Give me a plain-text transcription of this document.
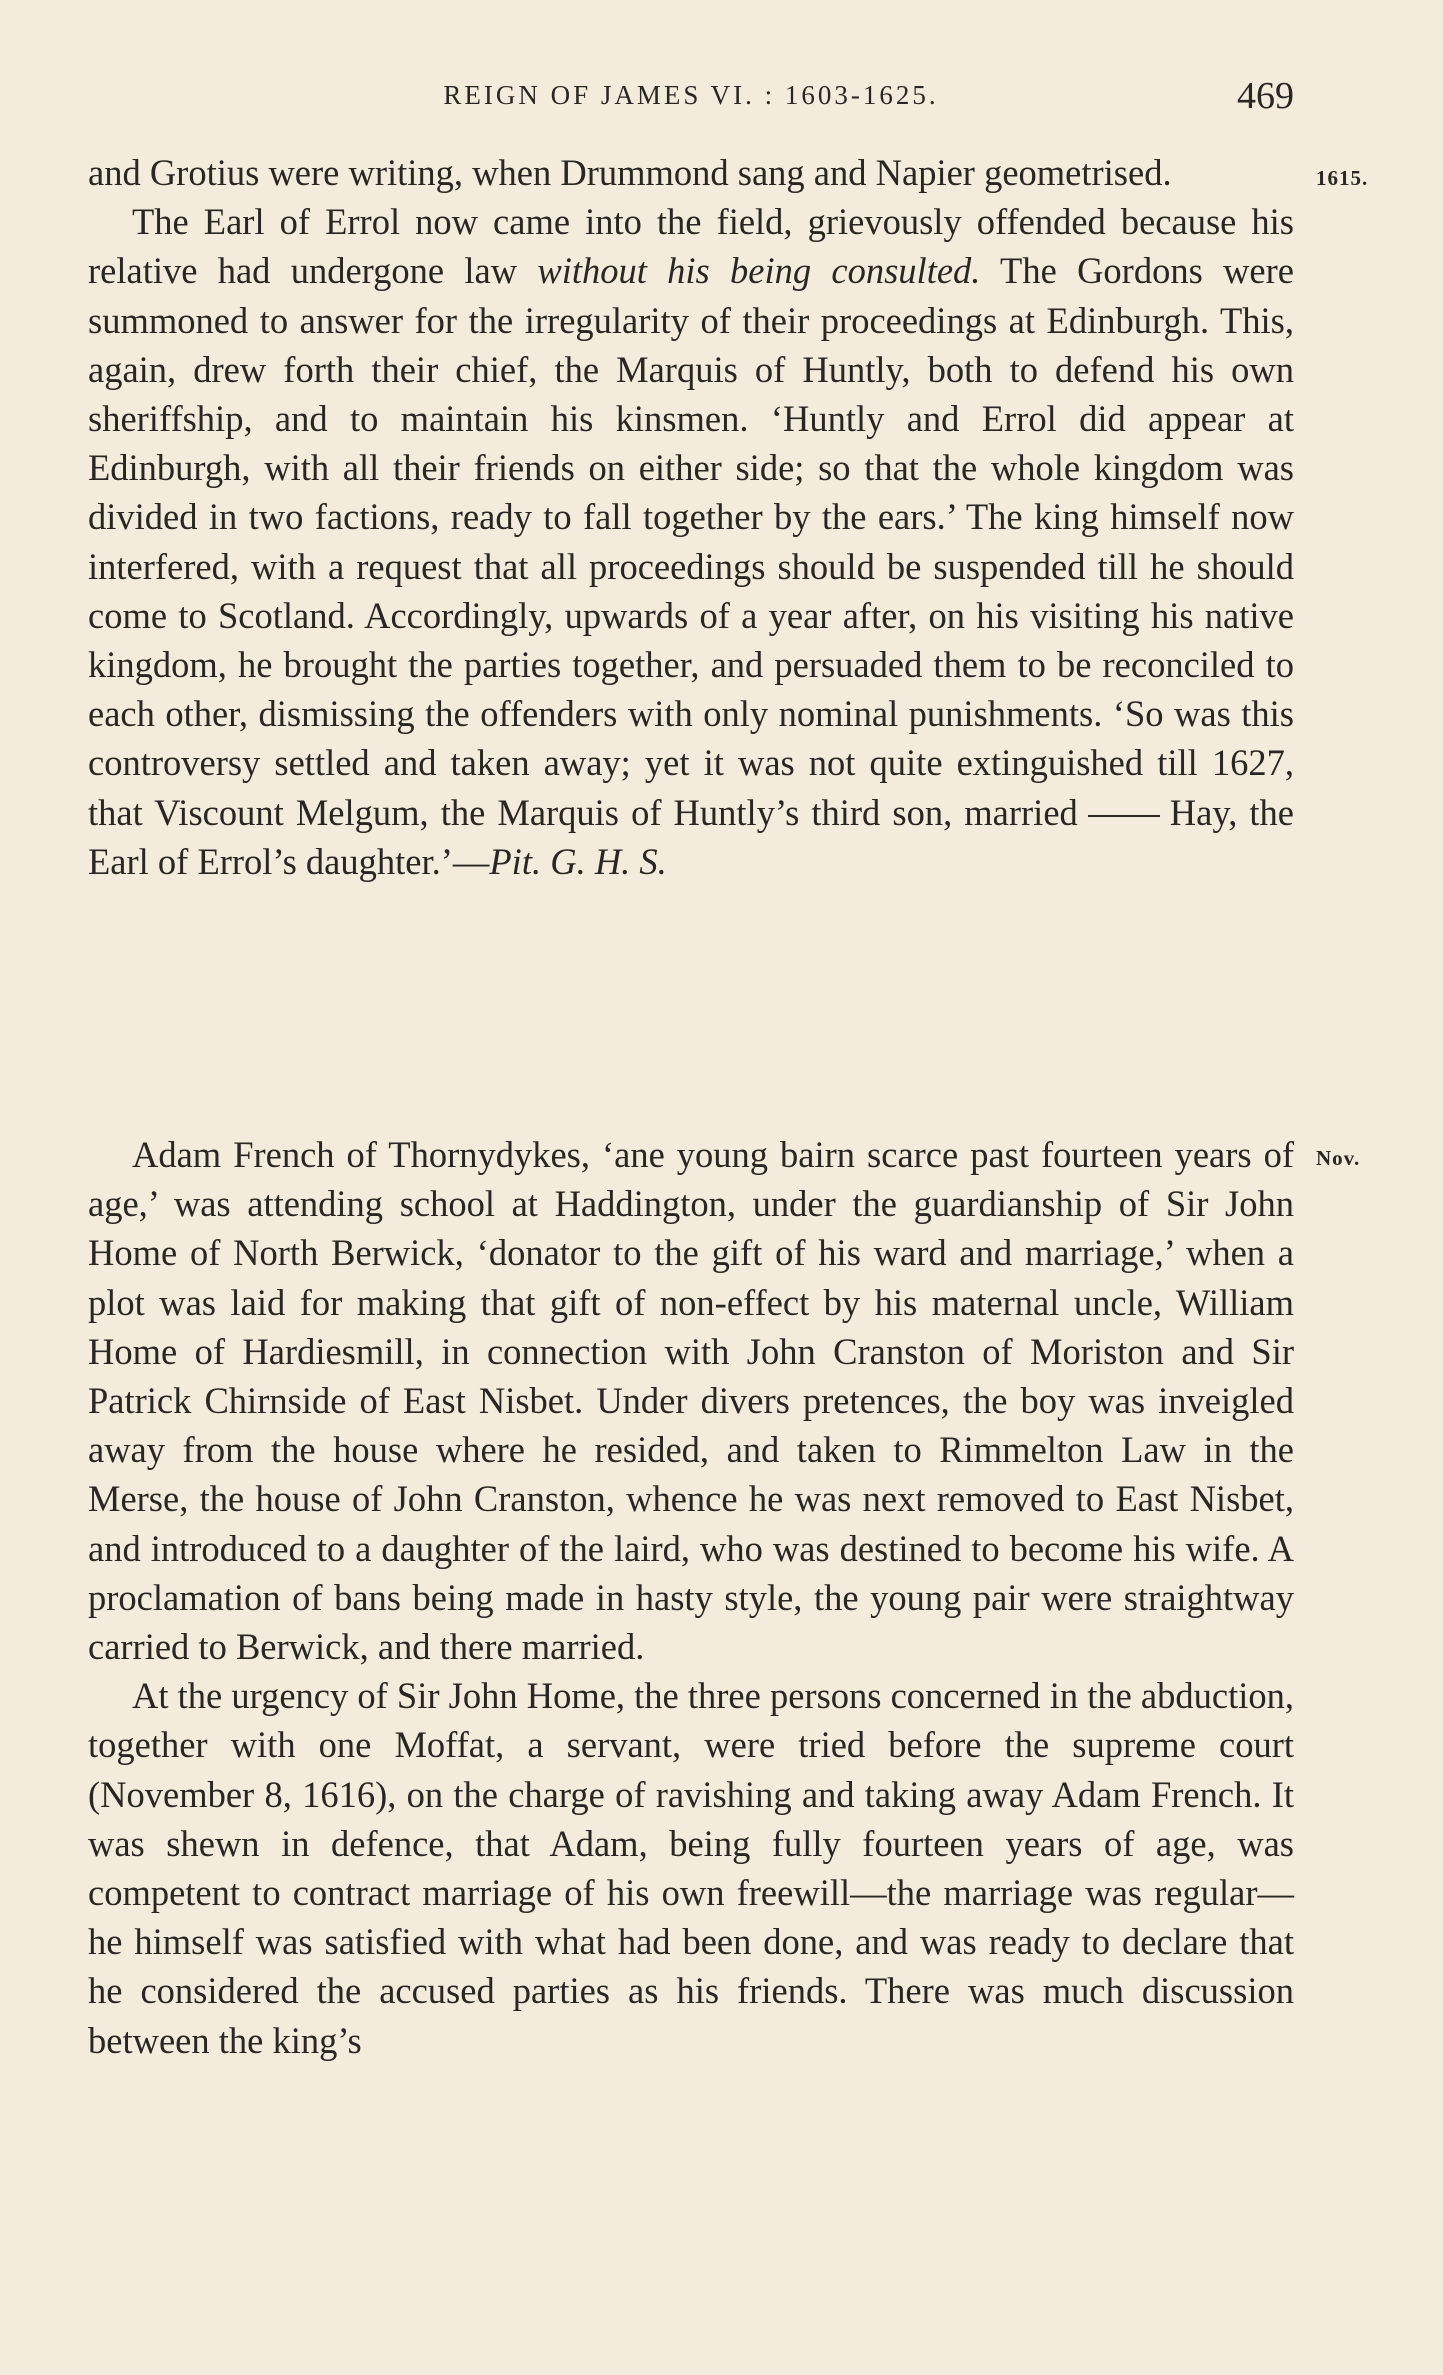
REIGN OF JAMES VI. : 1603-1625.	469
1615.
Nov.

and Grotius were writing, when Drummond sang and Napier geometrised.

The Earl of Errol now came into the field, grievously offended because his relative had undergone law without his being consulted. The Gordons were summoned to answer for the irregularity of their proceedings at Edinburgh. This, again, drew forth their chief, the Marquis of Huntly, both to defend his own sheriffship, and to maintain his kinsmen. ‘Huntly and Errol did appear at Edinburgh, with all their friends on either side; so that the whole kingdom was divided in two factions, ready to fall together by the ears.’ The king himself now interfered, with a request that all proceedings should be suspended till he should come to Scotland. Accordingly, upwards of a year after, on his visiting his native kingdom, he brought the parties together, and persuaded them to be reconciled to each other, dismissing the offenders with only nominal punishments. ‘So was this controversy settled and taken away; yet it was not quite extinguished till 1627, that Viscount Melgum, the Marquis of Huntly’s third son, married	Hay, the Earl of Errol’s daughter.’—Pit. G. H. S.

Adam French of Thornydykes, ‘ane young bairn scarce past fourteen years of age,’ was attending school at Haddington, under the guardianship of Sir John Home of North Berwick, ‘donator to the gift of his ward and marriage,’ when a plot was laid for making that gift of non-effect by his maternal uncle, William Home of Hardiesmill, in connection with John Cranston of Moriston and Sir Patrick Chirnside of East Nisbet. Under divers pretences, the boy was inveigled away from the house where he resided, and taken to Rimmelton Law in the Merse, the house of John Cranston, whence he was next removed to East Nisbet, and introduced to a daughter of the laird, who was destined to become his wife. A proclamation of bans being made in hasty style, the young pair were straightway carried to Berwick, and there married.

At the urgency of Sir John Home, the three persons concerned in the abduction, together with one Moffat, a servant, were tried before the supreme court (November 8, 1616), on the charge of ravishing and taking away Adam French. It was shewn in defence, that Adam, being fully fourteen years of age, was competent to contract marriage of his own freewill—the marriage was regular—he himself was satisfied with what had been done, and was ready to declare that he considered the accused parties as his friends. There was much discussion between the king’s
